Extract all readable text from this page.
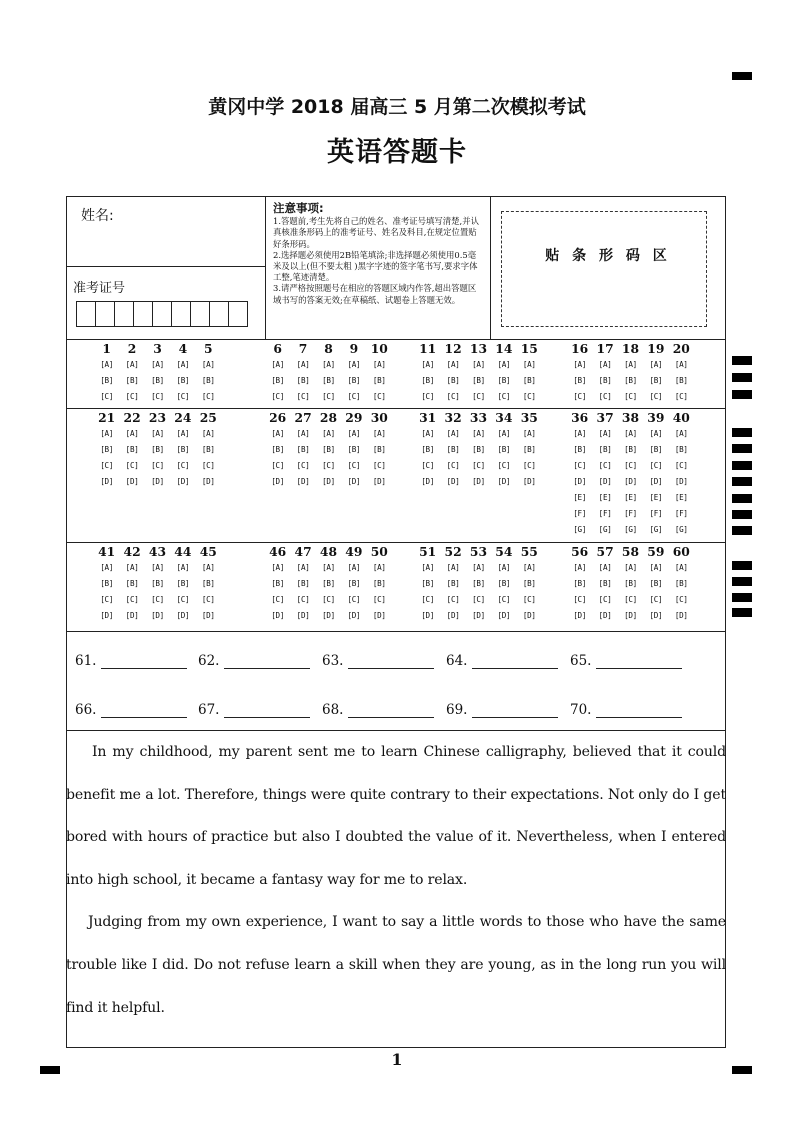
黄冈中学 2018 届高三 5 月第二次模拟考试
英语答题卡
姓名:
准考证号
注意事项:
1.答题前,考生先将自己的姓名、准考证号填写清楚,并认真核准条形码上的准考证号、姓名及科目,在规定位置贴好条形码。
2.选择题必须使用2B铅笔填涂;非选择题必须使用0.5毫米及以上(但不要太粗 )黑字字迹的签字笔书写,要求字体工整,笔迹清楚。
3.请严格按照题号在相应的答题区域内作答,超出答题区域书写的答案无效;在草稿纸、试题卷上答题无效。
贴 条 形 码 区
1	2	3	4	5
[A]	[A]	[A]	[A]	[A]
[B]	[B]	[B]	[B]	[B]
[C]	[C]	[C]	[C]	[C]
6	7	8	9	10
[A]	[A]	[A]	[A]	[A]
[B]	[B]	[B]	[B]	[B]
[C]	[C]	[C]	[C]	[C]
11 12 13 14 15
[A]	[A]	[A]	[A]	[A]
[B]	[B]	[B]	[B]	[B]
[C]	[C]	[C]	[C]	[C]
16 17 18 19 20
[A]	[A]	[A]	[A]	[A]
[B]	[B]	[B]	[B]	[B]
[C]	[C]	[C]	[C]	[C]
21 22 23 24 25
[A]	[A]	[A]	[A]	[A]
[B]	[B]	[B]	[B]	[B]
[C]	[C]	[C]	[C]	[C]
[D]	[D]	[D]	[D]	[D]
26 27 28 29 30
[A]	[A]	[A]	[A]	[A]
[B]	[B]	[B]	[B]	[B]
[C]	[C]	[C]	[C]	[C]
[D]	[D]	[D]	[D]	[D]
31 32 33 34 35
[A]	[A]	[A]	[A]	[A]
[B]	[B]	[B]	[B]	[B]
[C]	[C]	[C]	[C]	[C]
[D]	[D]	[D]	[D]	[D]
36 37 38 39 40
[A]	[A]	[A]	[A]	[A]
[B]	[B]	[B]	[B]	[B]
[C]	[C]	[C]	[C]	[C]
[D]	[D]	[D]	[D]	[D]
[E]	[E]	[E]	[E]	[E]
[F]	[F]	[F]	[F]	[F]
[G]	[G]	[G]	[G]	[G]
41 42 43 44 45
[A]	[A]	[A]	[A]	[A]
[B]	[B]	[B]	[B]	[B]
[C]	[C]	[C]	[C]	[C]
[D]	[D]	[D]	[D]	[D]
46 47 48 49 50
[A]	[A]	[A]	[A]	[A]
[B]	[B]	[B]	[B]	[B]
[C]	[C]	[C]	[C]	[C]
[D]	[D]	[D]	[D]	[D]
51 52 53 54 55
[A]	[A]	[A]	[A]	[A]
[B]	[B]	[B]	[B]	[B]
[C]	[C]	[C]	[C]	[C]
[D]	[D]	[D]	[D]	[D]
56 57 58 59 60
[A]	[A]	[A]	[A]	[A]
[B]	[B]	[B]	[B]	[B]
[C]	[C]	[C]	[C]	[C]
[D]	[D]	[D]	[D]	[D]
61.	62.	63.	64.	65.
66.	67.	68.	69.	70.

In my childhood, my parent sent me to learn Chinese calligraphy, believed that it could benefit me a lot. Therefore, things were quite contrary to their expectations. Not only do I get bored with hours of practice but also I doubted the value of it. Nevertheless, when I entered into high school, it became a fantasy way for me to relax.

Judging from my own experience, I want to say a little words to those who have the same trouble like I did. Do not refuse learn a skill when they are young, as in the long run you will find it helpful.

1
